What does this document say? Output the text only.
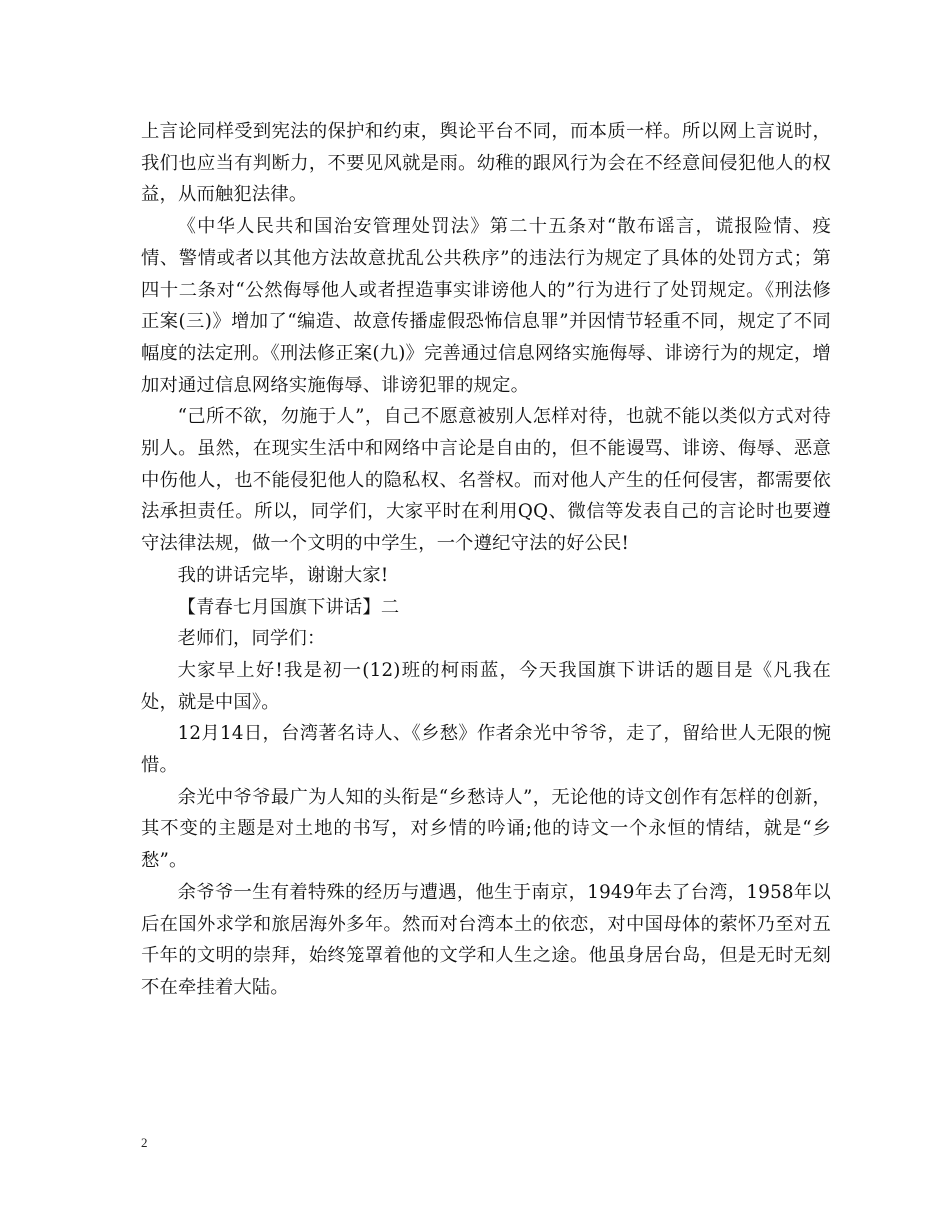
上言论同样受到宪法的保护和约束，舆论平台不同，而本质一样。所以网上言说时，我们也应当有判断力，不要见风就是雨。幼稚的跟风行为会在不经意间侵犯他人的权益，从而触犯法律。

《中华人民共和国治安管理处罚法》第二十五条对“散布谣言，谎报险情、疫情、警情或者以其他方法故意扰乱公共秩序”的违法行为规定了具体的处罚方式；第四十二条对“公然侮辱他人或者捏造事实诽谤他人的”行为进行了处罚规定。《刑法修正案(三)》增加了“编造、故意传播虚假恐怖信息罪”并因情节轻重不同，规定了不同幅度的法定刑。《刑法修正案(九)》完善通过信息网络实施侮辱、诽谤行为的规定，增加对通过信息网络实施侮辱、诽谤犯罪的规定。

“己所不欲，勿施于人”，自己不愿意被别人怎样对待，也就不能以类似方式对待别人。虽然，在现实生活中和网络中言论是自由的，但不能谩骂、诽谤、侮辱、恶意中伤他人，也不能侵犯他人的隐私权、名誉权。而对他人产生的任何侵害，都需要依法承担责任。所以，同学们，大家平时在利用QQ、微信等发表自己的言论时也要遵守法律法规，做一个文明的中学生，一个遵纪守法的好公民!

我的讲话完毕，谢谢大家!

【青春七月国旗下讲话】二

老师们，同学们：

大家早上好!我是初一(12)班的柯雨蓝，今天我国旗下讲话的题目是《凡我在处，就是中国》。

12月14日，台湾著名诗人、《乡愁》作者余光中爷爷，走了，留给世人无限的惋惜。

余光中爷爷最广为人知的头衔是“乡愁诗人”，无论他的诗文创作有怎样的创新，其不变的主题是对土地的书写，对乡情的吟诵;他的诗文一个永恒的情结，就是“乡愁”。

余爷爷一生有着特殊的经历与遭遇，他生于南京，1949年去了台湾，1958年以后在国外求学和旅居海外多年。然而对台湾本土的依恋，对中国母体的萦怀乃至对五千年的文明的崇拜，始终笼罩着他的文学和人生之途。他虽身居台岛，但是无时无刻不在牵挂着大陆。

2
